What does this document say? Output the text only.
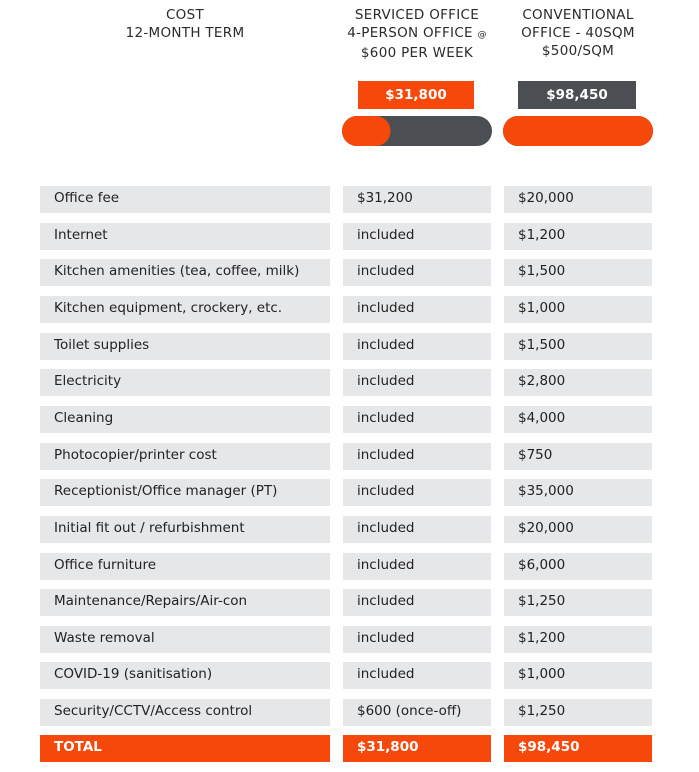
COST
12-MONTH TERM
SERVICED OFFICE
4-PERSON OFFICE @
$600 PER WEEK
CONVENTIONAL
OFFICE - 40SQM
$500/SQM
$31,800	$98,450
Office fee	$31,200	$20,000
Internet	included	$1,200
Kitchen amenities (tea, coffee, milk)	included	$1,500
Kitchen equipment, crockery, etc.	included	$1,000
Toilet supplies	included	$1,500
Electricity	included	$2,800
Cleaning	included	$4,000
Photocopier/printer cost	included	$750
Receptionist/Office manager (PT)	included	$35,000
Initial fit out / refurbishment	included	$20,000
Office furniture	included	$6,000
Maintenance/Repairs/Air-con	included	$1,250
Waste removal	included	$1,200
COVID-19 (sanitisation)	included	$1,000
Security/CCTV/Access control	$600 (once-off)	$1,250
TOTAL	$31,800	$98,450
